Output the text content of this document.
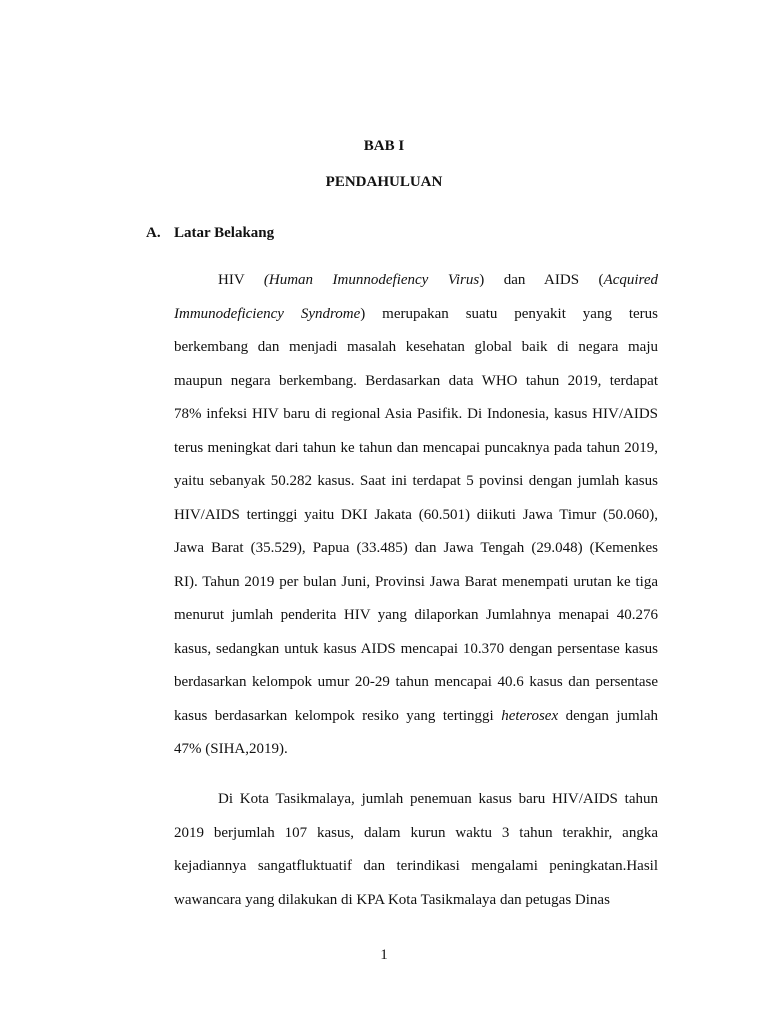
BAB I
PENDAHULUAN
A. Latar Belakang
HIV (Human Imunnodefiency Virus) dan AIDS (Acquired
Immunodeficiency Syndrome) merupakan suatu penyakit yang terus
berkembang dan menjadi masalah kesehatan global baik di negara maju
maupun negara berkembang. Berdasarkan data WHO tahun 2019, terdapat
78% infeksi HIV baru di regional Asia Pasifik. Di Indonesia, kasus HIV/AIDS
terus meningkat dari tahun ke tahun dan mencapai puncaknya pada tahun 2019,
yaitu sebanyak 50.282 kasus. Saat ini terdapat 5 povinsi dengan jumlah kasus
HIV/AIDS tertinggi yaitu DKI Jakata (60.501) diikuti Jawa Timur (50.060),
Jawa Barat (35.529), Papua (33.485) dan Jawa Tengah (29.048) (Kemenkes
RI). Tahun 2019 per bulan Juni, Provinsi Jawa Barat menempati urutan ke tiga
menurut jumlah penderita HIV yang dilaporkan Jumlahnya menapai 40.276
kasus, sedangkan untuk kasus AIDS mencapai 10.370 dengan persentase kasus
berdasarkan kelompok umur 20-29 tahun mencapai 40.6 kasus dan persentase
kasus berdasarkan kelompok resiko yang tertinggi heterosex dengan jumlah
47% (SIHA,2019).
Di Kota Tasikmalaya, jumlah penemuan kasus baru HIV/AIDS tahun
2019 berjumlah 107 kasus, dalam kurun waktu 3 tahun terakhir, angka
kejadiannya sangatfluktuatif dan terindikasi mengalami peningkatan.Hasil
wawancara yang dilakukan di KPA Kota Tasikmalaya dan petugas Dinas
1
